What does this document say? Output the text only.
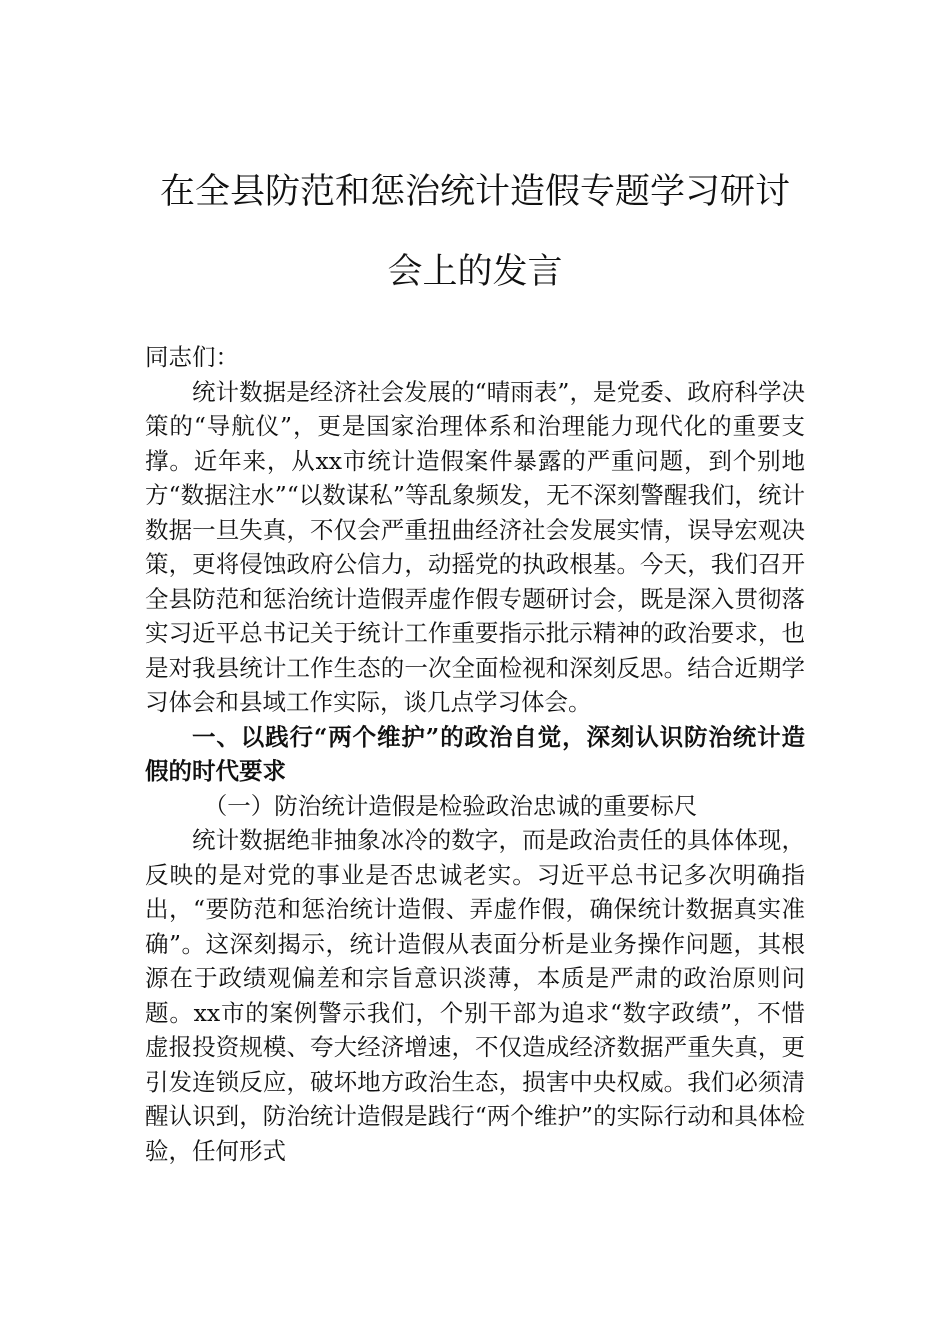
在全县防范和惩治统计造假专题学习研讨
会上的发言

同志们：

统计数据是经济社会发展的“晴雨表”，是党委、政府科学决策的“导航仪”，更是国家治理体系和治理能力现代化的重要支撑。近年来，从xx市统计造假案件暴露的严重问题，到个别地方“数据注水”“以数谋私”等乱象频发，无不深刻警醒我们，统计数据一旦失真，不仅会严重扭曲经济社会发展实情，误导宏观决策，更将侵蚀政府公信力，动摇党的执政根基。今天，我们召开全县防范和惩治统计造假弄虚作假专题研讨会，既是深入贯彻落实习近平总书记关于统计工作重要指示批示精神的政治要求，也是对我县统计工作生态的一次全面检视和深刻反思。结合近期学习体会和县域工作实际，谈几点学习体会。

一、以践行“两个维护”的政治自觉，深刻认识防治统计造假的时代要求

（一）防治统计造假是检验政治忠诚的重要标尺

统计数据绝非抽象冰冷的数字，而是政治责任的具体体现，反映的是对党的事业是否忠诚老实。习近平总书记多次明确指出，“要防范和惩治统计造假、弄虚作假，确保统计数据真实准确”。这深刻揭示，统计造假从表面分析是业务操作问题，其根源在于政绩观偏差和宗旨意识淡薄，本质是严肃的政治原则问题。xx市的案例警示我们，个别干部为追求“数字政绩”，不惜虚报投资规模、夸大经济增速，不仅造成经济数据严重失真，更引发连锁反应，破坏地方政治生态，损害中央权威。我们必须清醒认识到，防治统计造假是践行“两个维护”的实际行动和具体检验，任何形式
